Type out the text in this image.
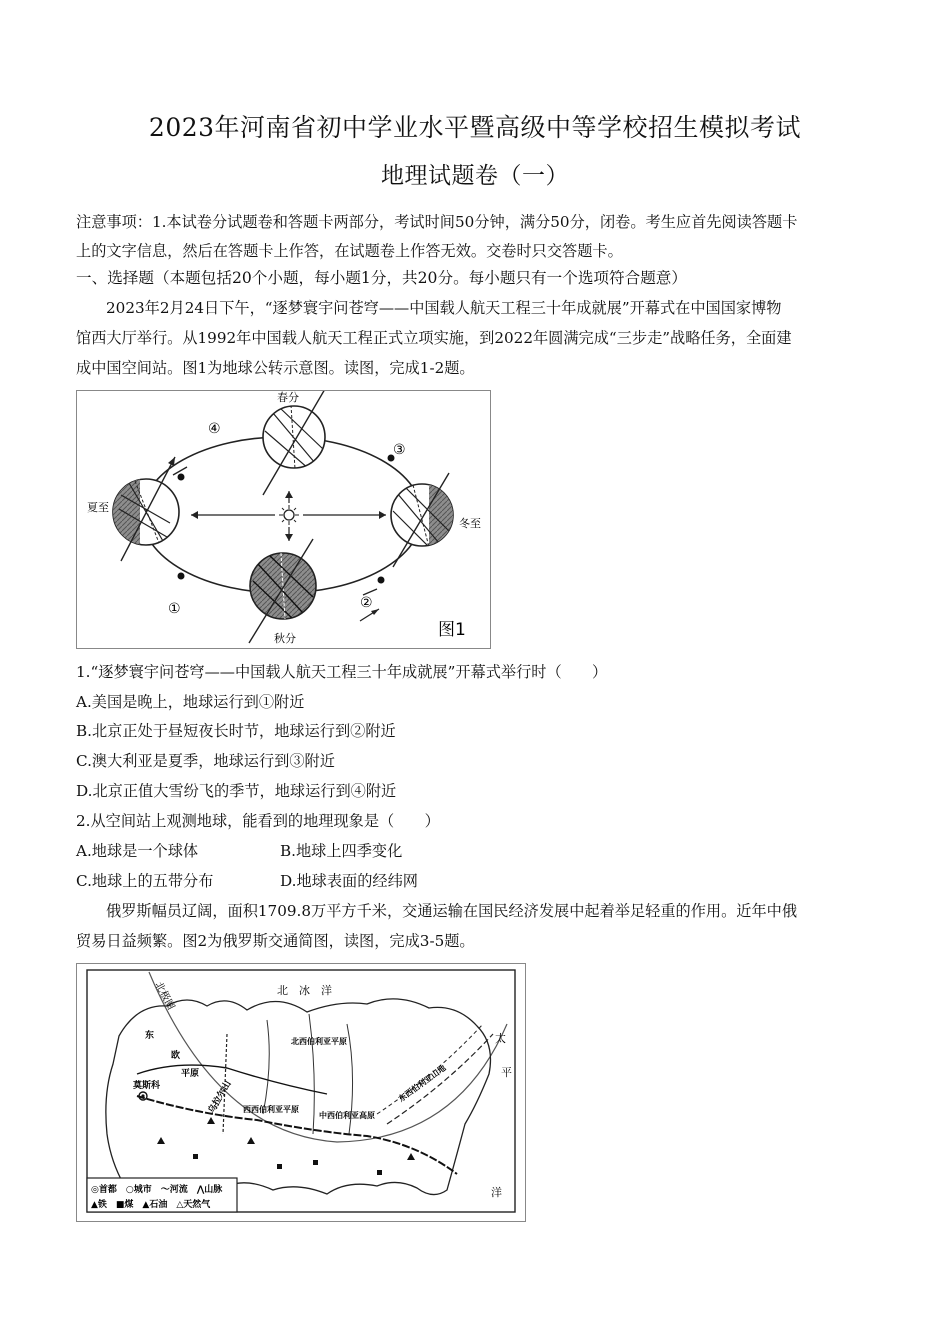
2023年河南省初中学业水平暨高级中等学校招生模拟考试
地理试题卷（一）
注意事项：1.本试卷分试题卷和答题卡两部分，考试时间50分钟，满分50分，闭卷。考生应首先阅读答题卡
上的文字信息，然后在答题卡上作答，在试题卷上作答无效。交卷时只交答题卡。
一、选择题（本题包括20个小题，每小题1分，共20分。每小题只有一个选项符合题意）
2023年2月24日下午，“逐梦寰宇问苍穹——中国载人航天工程三十年成就展”开幕式在中国国家博物
馆西大厅举行。从1992年中国载人航天工程正式立项实施，到2022年圆满完成“三步走”战略任务，全面建
成中国空间站。图1为地球公转示意图。读图，完成1-2题。
④
①
③
②
春分
夏至
冬至
秋分	图1
1.“逐梦寰宇问苍穹——中国载人航天工程三十年成就展”开幕式举行时（　　）
A.美国是晚上，地球运行到①附近
B.北京正处于昼短夜长时节，地球运行到②附近
C.澳大利亚是夏季，地球运行到③附近
D.北京正值大雪纷飞的季节，地球运行到④附近
2.从空间站上观测地球，能看到的地理现象是（　　）
A.地球是一个球体	B.地球上四季变化
C.地球上的五带分布	D.地球表面的经纬网
俄罗斯幅员辽阔，面积1709.8万平方千米，交通运输在国民经济发展中起着举足轻重的作用。近年中俄
贸易日益频繁。图2为俄罗斯交通简图，读图，完成3-5题。
北极圈	北　冰　洋
太
平
洋
莫斯科
欧
平原
东
乌拉尔山
北西伯利亚平原
西西伯利亚平原
中西伯利亚高原
东西伯利亚山地
◎首都　○城市　〜河流　⋀山脉
▲铁　■煤　▲石油　△天然气
